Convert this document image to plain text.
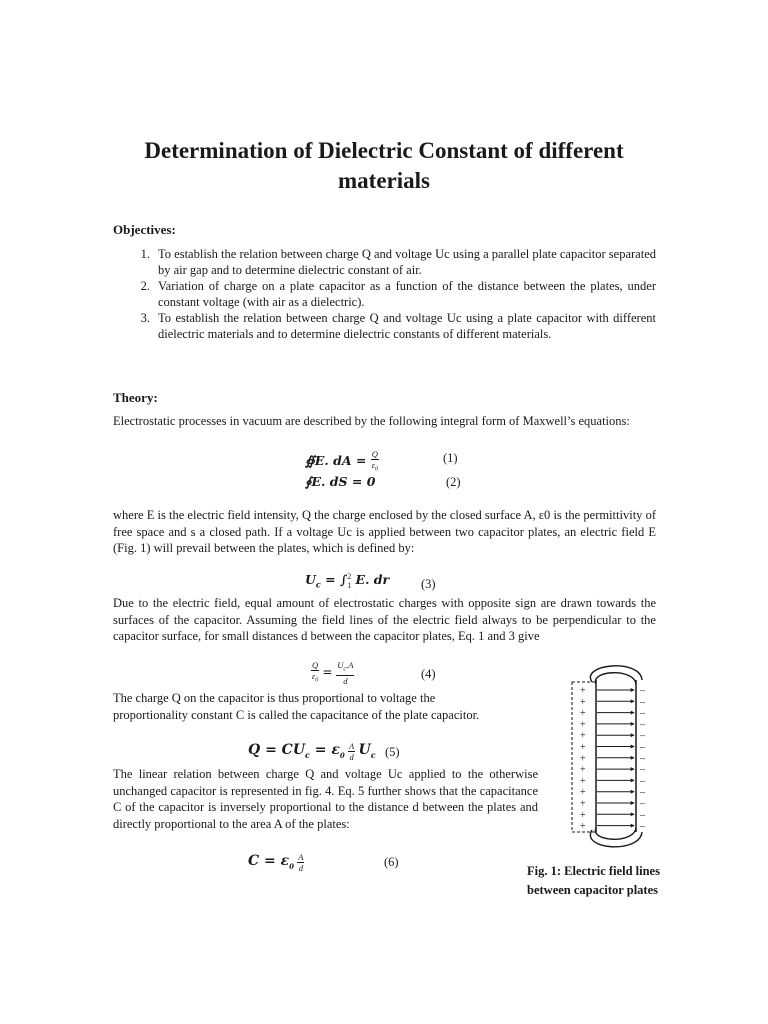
Determination of Dielectric Constant of different materials
Objectives:
1. To establish the relation between charge Q and voltage Uc using a parallel plate capacitor separated by air gap and to determine dielectric constant of air.
2. Variation of charge on a plate capacitor as a function of the distance between the plates, under constant voltage (with air as a dielectric).
3. To establish the relation between charge Q and voltage Uc using a plate capacitor with different dielectric materials and to determine dielectric constants of different materials.
Theory:
Electrostatic processes in vacuum are described by the following integral form of Maxwell’s equations:
∯E. dA = $\frac{Q}{\varepsilon_0}$	(1)
∮E. dS = 0	(2)
where E is the electric field intensity, Q the charge enclosed by the closed surface A, ε0 is the permittivity of free space and s a closed path. If a voltage Uc is applied between two capacitor plates, an electric field E (Fig. 1) will prevail between the plates, which is defined by:
$U_c$ = ∫ 2
1 E. dr	(3)
Due to the electric field, equal amount of electrostatic charges with opposite sign are drawn towards the surfaces of the capacitor. Assuming the field lines of the electric field always to be perpendicular to the capacitor surface, for small distances d between the capacitor plates, Eq. 1 and 3 give
$\frac{Q}{\varepsilon_0} = \frac{U_c.A}{d}$	(4)
The charge Q on the capacitor is thus proportional to voltage the proportionality constant C is called the capacitance of the plate capacitor.
$Q = CU_c = \varepsilon_0 \frac{A}{d} U_c$ (5)
The linear relation between charge Q and voltage Uc applied to the otherwise unchanged capacitor is represented in fig. 4. Eq. 5 further shows that the capacitance C of the capacitor is inversely proportional to the distance d between the plates and directly proportional to the area A of the plates:
$C = \varepsilon_0 \frac{A}{d}$	(6)
+
+
+
+
+
+
+
+
+
+
+
+
+
–
–
–
–
–
–
–
–
–
–
–
–
–
Fig. 1: Electric field lines
between capacitor plates
